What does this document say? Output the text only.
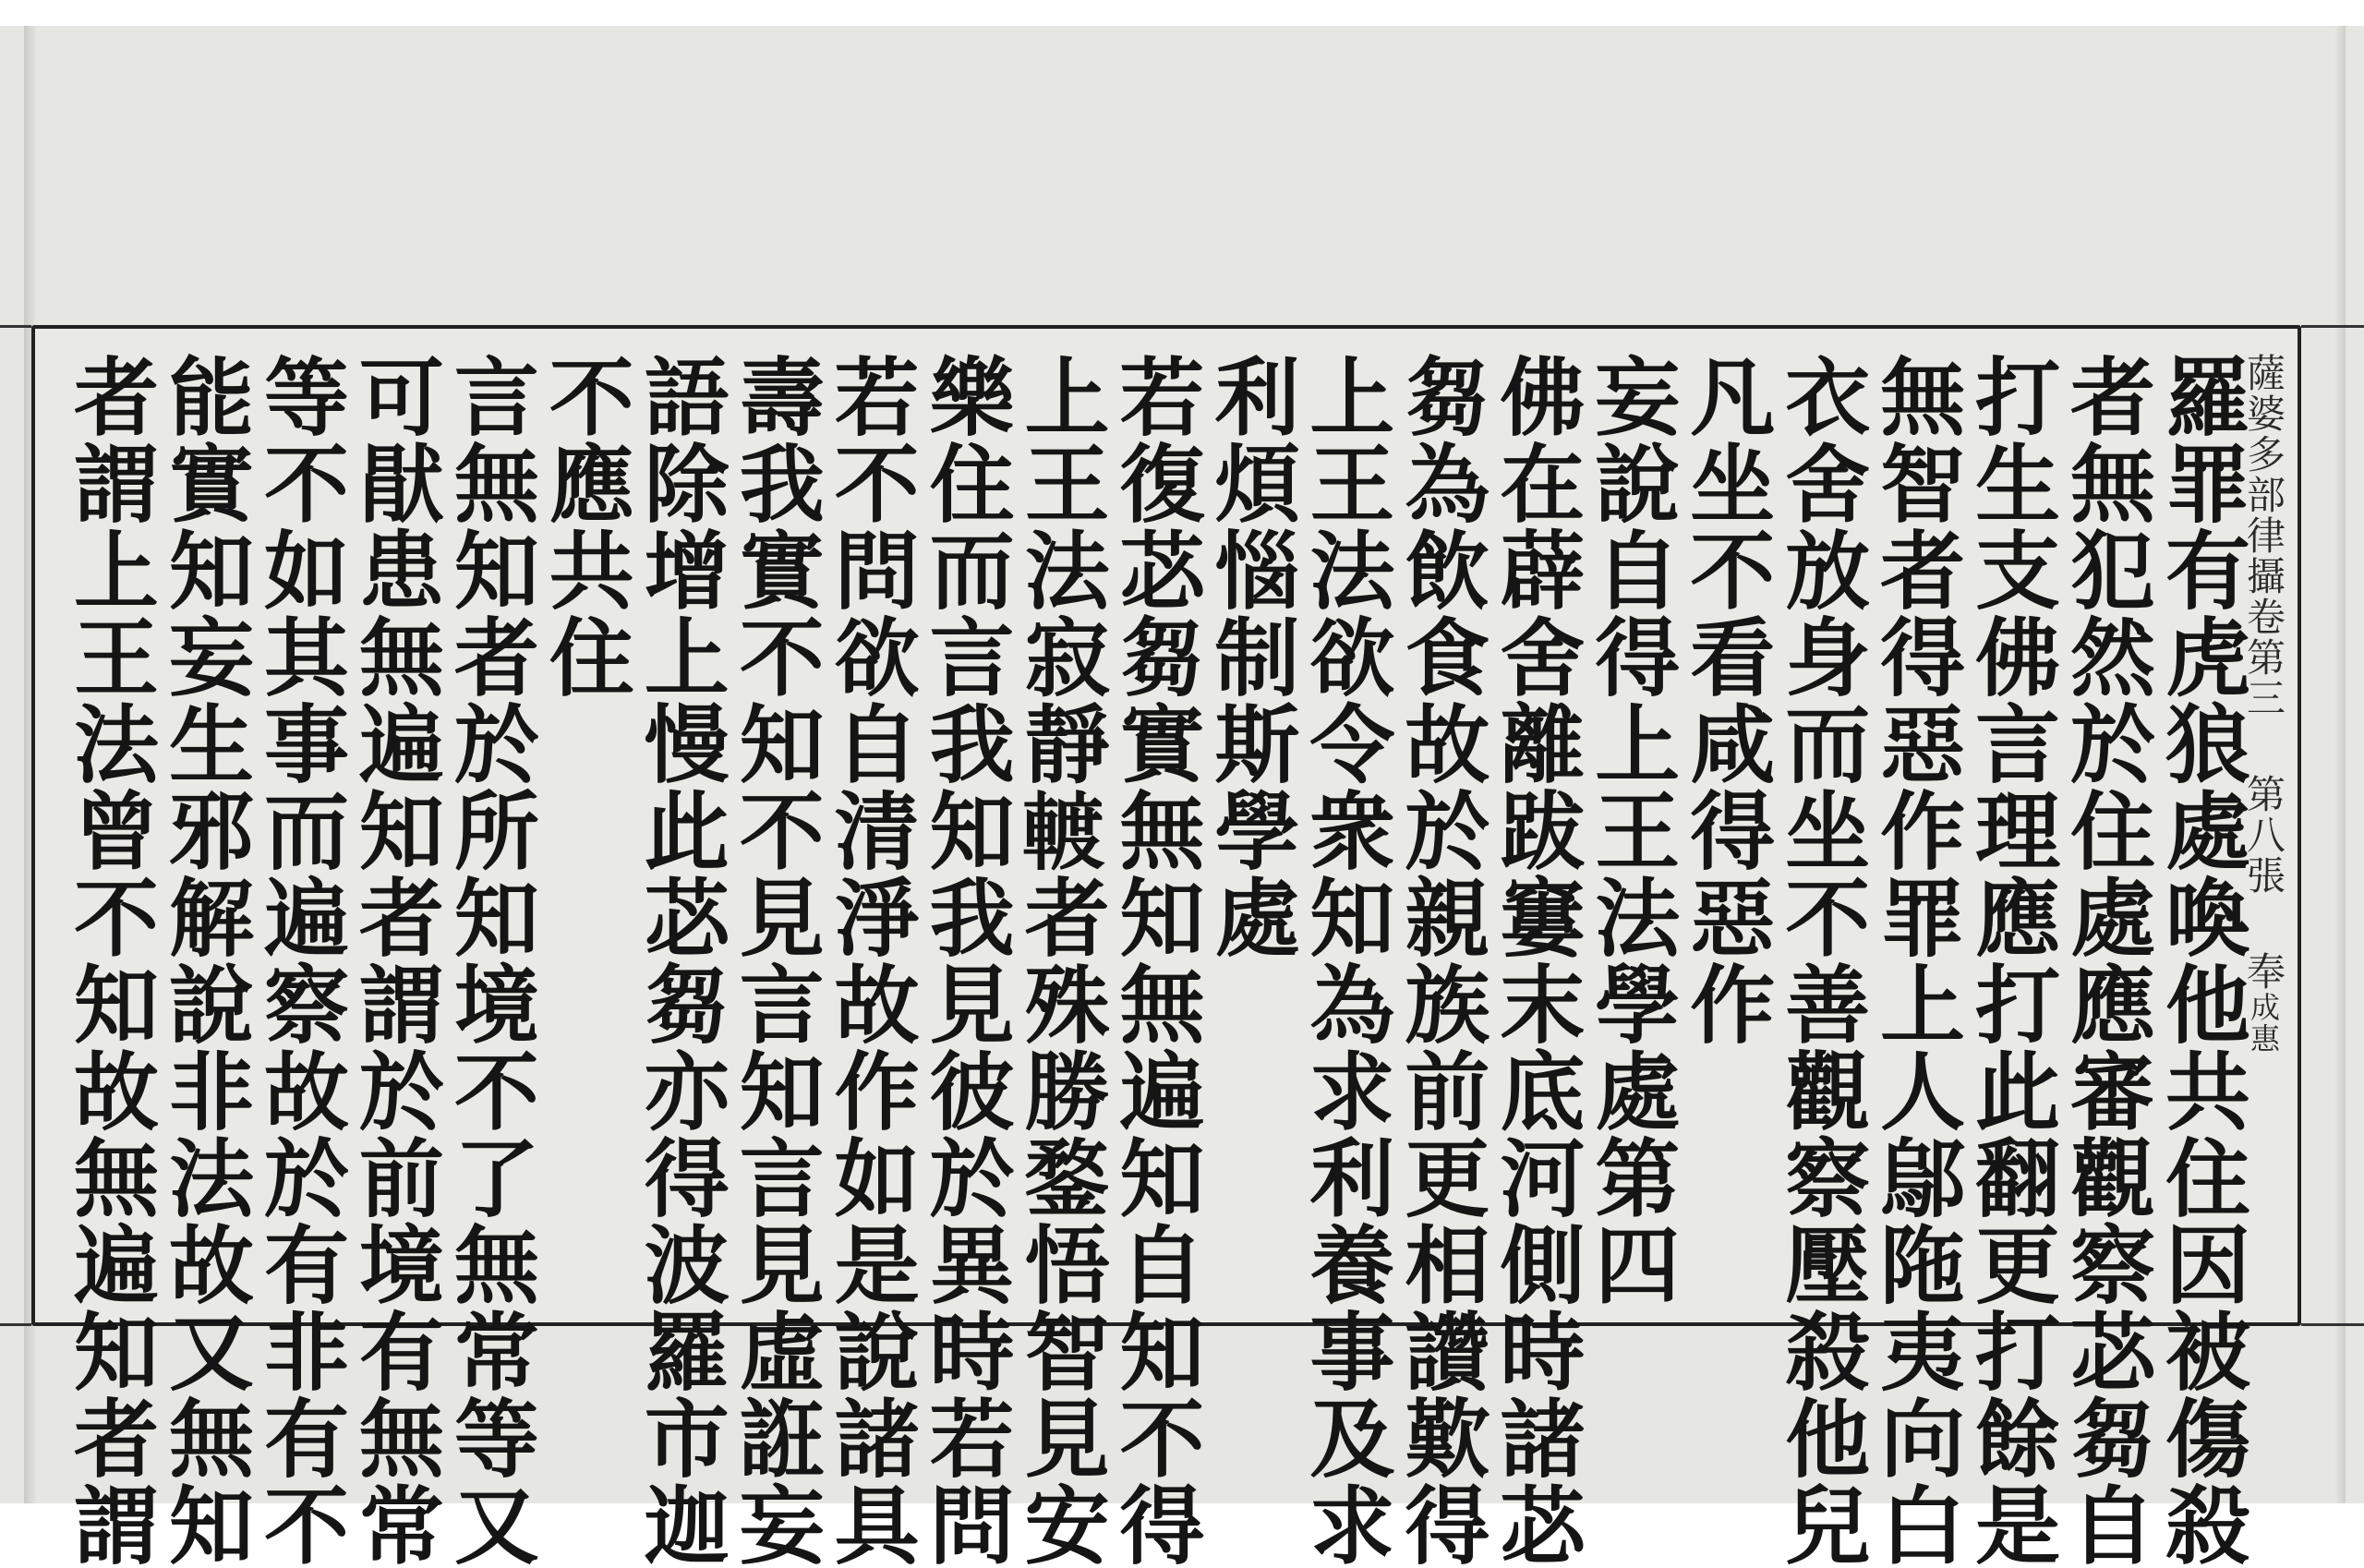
薩婆多部律攝卷第三第八張奉成惠
羅罪有虎狼處喚他共住因被傷殺
者無犯然於住處應審觀察苾芻自
打生支佛言理應打此翻更打餘是
無智者得惡作罪上人鄔陁夷向白
衣舍放身而坐不善觀察壓殺他兒
凡坐不看咸得惡作
妄說自得上王法學處第四
佛在薜舍離跋窶末底河側時諸苾
芻為飲食故於親族前更相讚歎得
上王法欲令衆知為求利養事及求
利煩惱制斯學處
若復苾芻實無知無遍知自知不得
上王法寂靜𨍏者殊勝鍪悟智見安
樂住而言我知我見彼於異時若問
若不問欲自清淨故作如是說諸具
壽我實不知不見言知言見虛誑妄
語除增上慢此苾芻亦得波羅市迦
不應共住
言無知者於所知境不了無常等又
可猒患無遍知者謂於前境有無常
等不如其事而遍察故於有非有不
能實知妄生邪解說非法故又無知
者謂上王法曾不知故無遍知者謂
